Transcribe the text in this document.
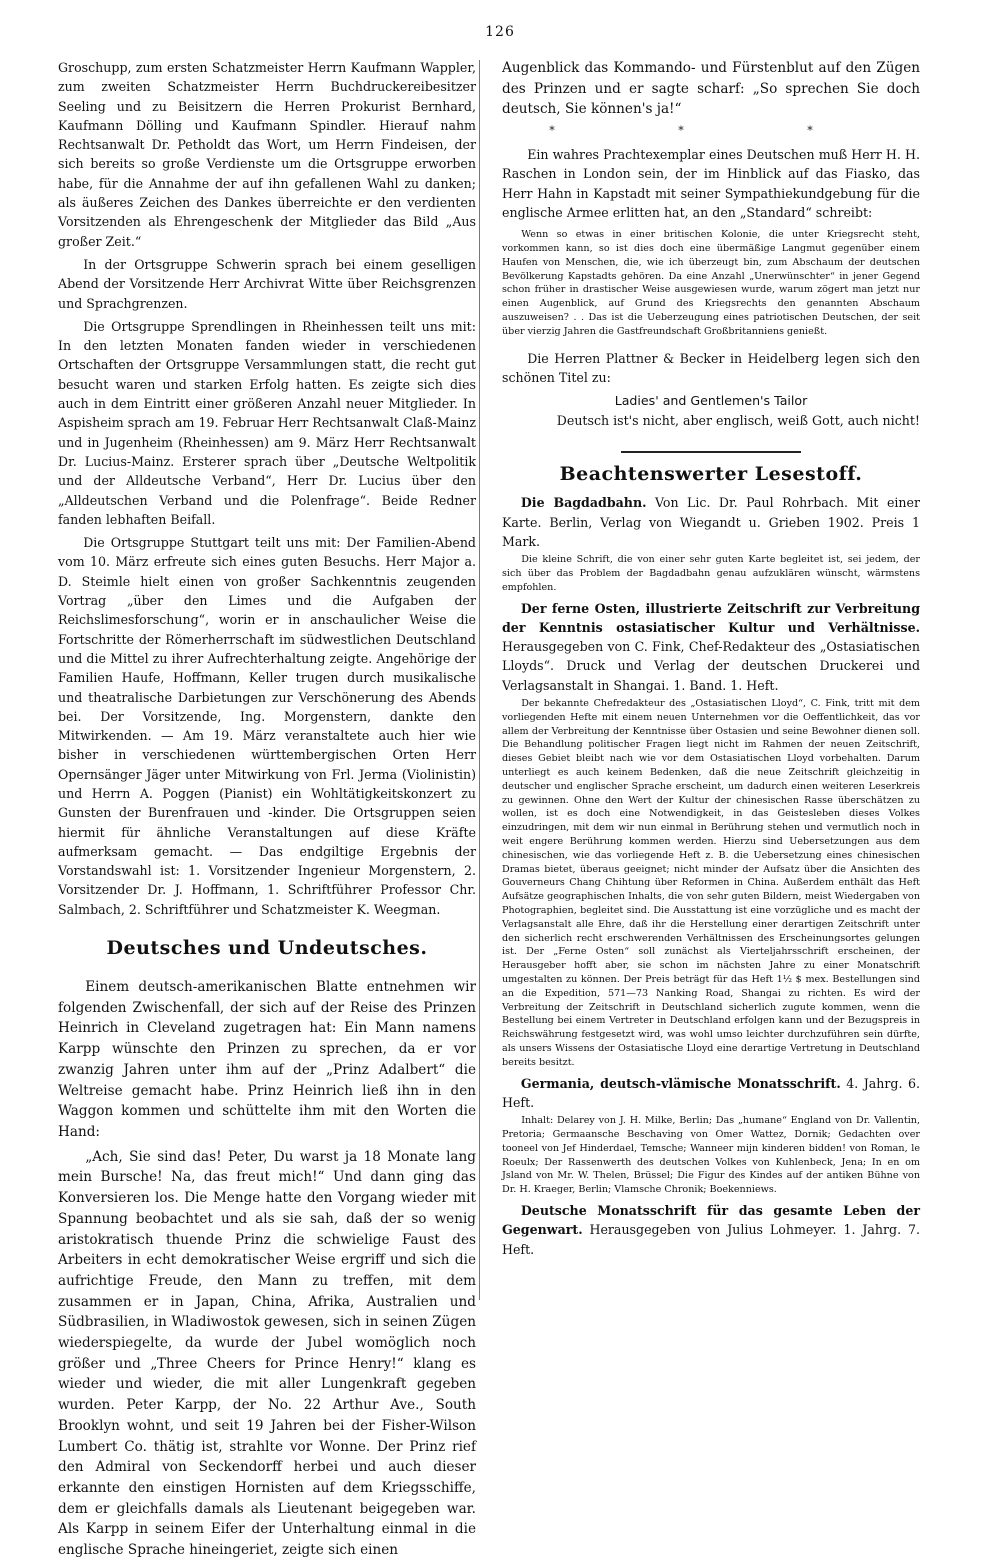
126

Groschupp, zum ersten Schatzmeister Herrn Kaufmann Wappler, zum zweiten Schatzmeister Herrn Buchdruckereibesitzer Seeling und zu Beisitzern die Herren Prokurist Bernhard, Kaufmann Dölling und Kaufmann Spindler. Hierauf nahm Rechtsanwalt Dr. Petholdt das Wort, um Herrn Findeisen, der sich bereits so große Verdienste um die Ortsgruppe erworben habe, für die Annahme der auf ihn gefallenen Wahl zu danken; als äußeres Zeichen des Dankes überreichte er den verdienten Vorsitzenden als Ehrengeschenk der Mitglieder das Bild „Aus großer Zeit.“

In der Ortsgruppe Schwerin sprach bei einem geselligen Abend der Vorsitzende Herr Archivrat Witte über Reichsgrenzen und Sprachgrenzen.

Die Ortsgruppe Sprendlingen in Rheinhessen teilt uns mit: In den letzten Monaten fanden wieder in verschiedenen Ortschaften der Ortsgruppe Versammlungen statt, die recht gut besucht waren und starken Erfolg hatten. Es zeigte sich dies auch in dem Eintritt einer größeren Anzahl neuer Mitglieder. In Aspisheim sprach am 19. Februar Herr Rechtsanwalt Claß-Mainz und in Jugenheim (Rheinhessen) am 9. März Herr Rechtsanwalt Dr. Lucius-Mainz. Ersterer sprach über „Deutsche Weltpolitik und der Alldeutsche Verband“, Herr Dr. Lucius über den „Alldeutschen Verband und die Polenfrage“. Beide Redner fanden lebhaften Beifall.

Die Ortsgruppe Stuttgart teilt uns mit: Der Familien-Abend vom 10. März erfreute sich eines guten Besuchs. Herr Major a. D. Steimle hielt einen von großer Sachkenntnis zeugenden Vortrag „über den Limes und die Aufgaben der Reichslimesforschung“, worin er in anschaulicher Weise die Fortschritte der Römerherrschaft im südwestlichen Deutschland und die Mittel zu ihrer Aufrechterhaltung zeigte. Angehörige der Familien Haufe, Hoffmann, Keller trugen durch musikalische und theatralische Darbietungen zur Verschönerung des Abends bei. Der Vorsitzende, Ing. Morgenstern, dankte den Mitwirkenden. — Am 19. März veranstaltete auch hier wie bisher in verschiedenen württembergischen Orten Herr Opernsänger Jäger unter Mitwirkung von Frl. Jerma (Violinistin) und Herrn A. Poggen (Pianist) ein Wohltätigkeitskonzert zu Gunsten der Burenfrauen und -kinder. Die Ortsgruppen seien hiermit für ähnliche Veranstaltungen auf diese Kräfte aufmerksam gemacht. — Das endgiltige Ergebnis der Vorstandswahl ist: 1. Vorsitzender Ingenieur Morgenstern, 2. Vorsitzender Dr. J. Hoffmann, 1. Schriftführer Professor Chr. Salmbach, 2. Schriftführer und Schatzmeister K. Weegman.

Deutsches und Undeutsches.

Einem deutsch-amerikanischen Blatte entnehmen wir folgenden Zwischenfall, der sich auf der Reise des Prinzen Heinrich in Cleveland zugetragen hat: Ein Mann namens Karpp wünschte den Prinzen zu sprechen, da er vor zwanzig Jahren unter ihm auf der „Prinz Adalbert“ die Weltreise gemacht habe. Prinz Heinrich ließ ihn in den Waggon kommen und schüttelte ihm mit den Worten die Hand:

„Ach, Sie sind das! Peter, Du warst ja 18 Monate lang mein Bursche! Na, das freut mich!“ Und dann ging das Konversieren los. Die Menge hatte den Vorgang wieder mit Spannung beobachtet und als sie sah, daß der so wenig aristokratisch thuende Prinz die schwielige Faust des Arbeiters in echt demokratischer Weise ergriff und sich die aufrichtige Freude, den Mann zu treffen, mit dem zusammen er in Japan, China, Afrika, Australien und Südbrasilien, in Wladiwostok gewesen, sich in seinen Zügen wiederspiegelte, da wurde der Jubel womöglich noch größer und „Three Cheers for Prince Henry!“ klang es wieder und wieder, die mit aller Lungenkraft gegeben wurden. Peter Karpp, der No. 22 Arthur Ave., South Brooklyn wohnt, und seit 19 Jahren bei der Fisher-Wilson Lumbert Co. thätig ist, strahlte vor Wonne. Der Prinz rief den Admiral von Seckendorff herbei und auch dieser erkannte den einstigen Hornisten auf dem Kriegsschiffe, dem er gleichfalls damals als Lieutenant beigegeben war. Als Karpp in seinem Eifer der Unterhaltung einmal in die englische Sprache hineingeriet, zeigte sich einen

Augenblick das Kommando- und Fürstenblut auf den Zügen des Prinzen und er sagte scharf: „So sprechen Sie doch deutsch, Sie können's ja!“

* * *

Ein wahres Prachtexemplar eines Deutschen muß Herr H. H. Raschen in London sein, der im Hinblick auf das Fiasko, das Herr Hahn in Kapstadt mit seiner Sympathiekundgebung für die englische Armee erlitten hat, an den „Standard“ schreibt:

Wenn so etwas in einer britischen Kolonie, die unter Kriegsrecht steht, vorkommen kann, so ist dies doch eine übermäßige Langmut gegenüber einem Haufen von Menschen, die, wie ich überzeugt bin, zum Abschaum der deutschen Bevölkerung Kapstadts gehören. Da eine Anzahl „Unerwünschter“ in jener Gegend schon früher in drastischer Weise ausgewiesen wurde, warum zögert man jetzt nur einen Augenblick, auf Grund des Kriegsrechts den genannten Abschaum auszuweisen? . . Das ist die Ueberzeugung eines patriotischen Deutschen, der seit über vierzig Jahren die Gastfreundschaft Großbritanniens genießt.

Die Herren Plattner & Becker in Heidelberg legen sich den schönen Titel zu:

Ladies' and Gentlemen's Tailor

Deutsch ist's nicht, aber englisch, weiß Gott, auch nicht!

Beachtenswerter Lesestoff.

Die Bagdadbahn. Von Lic. Dr. Paul Rohrbach. Mit einer Karte. Berlin, Verlag von Wiegandt u. Grieben 1902. Preis 1 Mark.

Die kleine Schrift, die von einer sehr guten Karte begleitet ist, sei jedem, der sich über das Problem der Bagdadbahn genau aufzuklären wünscht, wärmstens empfohlen.

Der ferne Osten, illustrierte Zeitschrift zur Verbreitung der Kenntnis ostasiatischer Kultur und Verhältnisse. Herausgegeben von C. Fink, Chef-Redakteur des „Ostasiatischen Lloyds“. Druck und Verlag der deutschen Druckerei und Verlagsanstalt in Shangai. 1. Band. 1. Heft.

Der bekannte Chefredakteur des „Ostasiatischen Lloyd“, C. Fink, tritt mit dem vorliegenden Hefte mit einem neuen Unternehmen vor die Oeffentlichkeit, das vor allem der Verbreitung der Kenntnisse über Ostasien und seine Bewohner dienen soll. Die Behandlung politischer Fragen liegt nicht im Rahmen der neuen Zeitschrift, dieses Gebiet bleibt nach wie vor dem Ostasiatischen Lloyd vorbehalten. Darum unterliegt es auch keinem Bedenken, daß die neue Zeitschrift gleichzeitig in deutscher und englischer Sprache erscheint, um dadurch einen weiteren Leserkreis zu gewinnen. Ohne den Wert der Kultur der chinesischen Rasse überschätzen zu wollen, ist es doch eine Notwendigkeit, in das Geistesleben dieses Volkes einzudringen, mit dem wir nun einmal in Berührung stehen und vermutlich noch in weit engere Berührung kommen werden. Hierzu sind Uebersetzungen aus dem chinesischen, wie das vorliegende Heft z. B. die Uebersetzung eines chinesischen Dramas bietet, überaus geeignet; nicht minder der Aufsatz über die Ansichten des Gouverneurs Chang Chihtung über Reformen in China. Außerdem enthält das Heft Aufsätze geographischen Inhalts, die von sehr guten Bildern, meist Wiedergaben von Photographien, begleitet sind. Die Ausstattung ist eine vorzügliche und es macht der Verlagsanstalt alle Ehre, daß ihr die Herstellung einer derartigen Zeitschrift unter den sicherlich recht erschwerenden Verhältnissen des Erscheinungsortes gelungen ist. Der „Ferne Osten“ soll zunächst als Vierteljahrsschrift erscheinen, der Herausgeber hofft aber, sie schon im nächsten Jahre zu einer Monatschrift umgestalten zu können. Der Preis beträgt für das Heft 1½ $ mex. Bestellungen sind an die Expedition, 571—73 Nanking Road, Shangai zu richten. Es wird der Verbreitung der Zeitschrift in Deutschland sicherlich zugute kommen, wenn die Bestellung bei einem Vertreter in Deutschland erfolgen kann und der Bezugspreis in Reichswährung festgesetzt wird, was wohl umso leichter durchzuführen sein dürfte, als unsers Wissens der Ostasiatische Lloyd eine derartige Vertretung in Deutschland bereits besitzt.

Germania, deutsch-vlämische Monatsschrift. 4. Jahrg. 6. Heft.

Inhalt: Delarey von J. H. Milke, Berlin; Das „humane“ England von Dr. Vallentin, Pretoria; Germaansche Beschaving von Omer Wattez, Dornik; Gedachten over tooneel von Jef Hinderdael, Temsche; Wanneer mijn kinderen bidden! von Roman, le Roeulx; Der Rassenwerth des deutschen Volkes von Kuhlenbeck, Jena; In en om Jsland von Mr. W. Thelen, Brüssel; Die Figur des Kindes auf der antiken Bühne von Dr. H. Kraeger, Berlin; Vlamsche Chronik; Boekenniews.

Deutsche Monatsschrift für das gesamte Leben der Gegenwart. Herausgegeben von Julius Lohmeyer. 1. Jahrg. 7. Heft.
